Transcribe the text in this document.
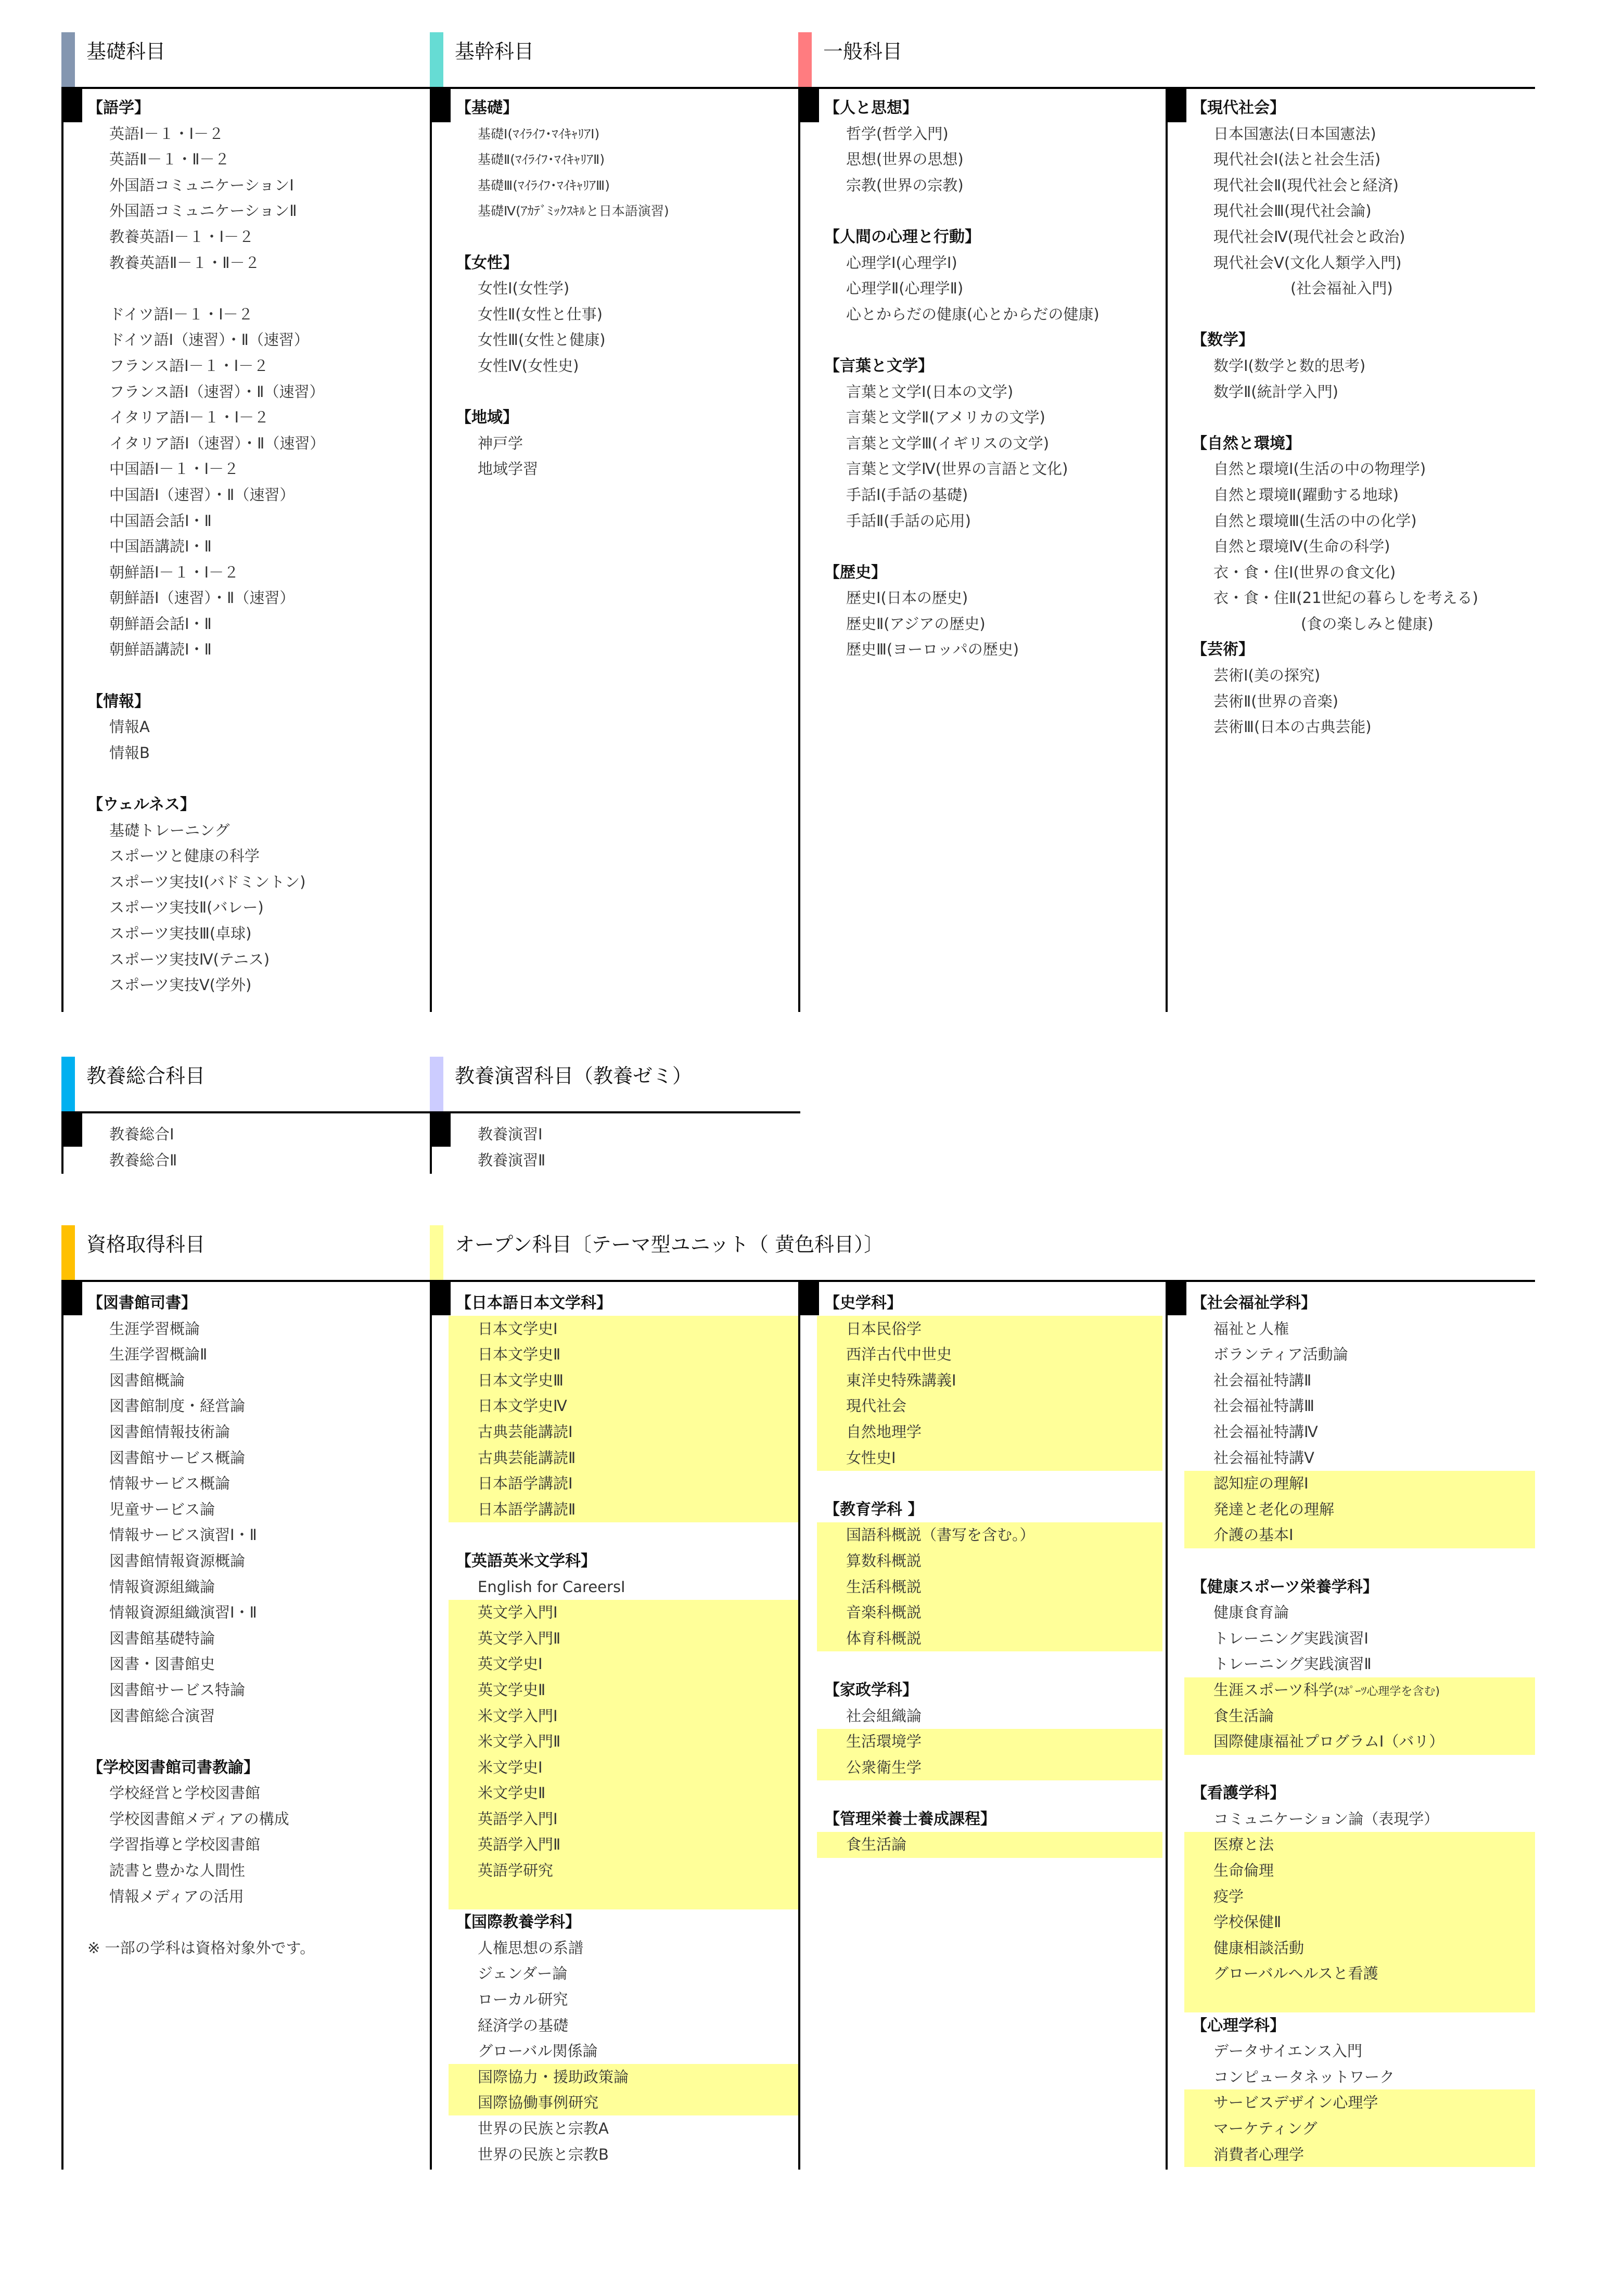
基礎科目	基幹科目	一般科目
【語学】
英語Ⅰ－１・Ⅰ－２
英語Ⅱ－１・Ⅱ－２
外国語コミュニケーションⅠ
外国語コミュニケーションⅡ
教養英語Ⅰ－１・Ⅰ－２
教養英語Ⅱ－１・Ⅱ－２
ドイツ語Ⅰ－１・Ⅰ－２
ドイツ語Ⅰ（速習）・Ⅱ（速習）
フランス語Ⅰ－１・Ⅰ－２
フランス語Ⅰ（速習）・Ⅱ（速習）
イタリア語Ⅰ－１・Ⅰ－２
イタリア語Ⅰ（速習）・Ⅱ（速習）
中国語Ⅰ－１・Ⅰ－２
中国語Ⅰ（速習）・Ⅱ（速習）
中国語会話Ⅰ・Ⅱ
中国語講読Ⅰ・Ⅱ
朝鮮語Ⅰ－１・Ⅰ－２
朝鮮語Ⅰ（速習）・Ⅱ（速習）
朝鮮語会話Ⅰ・Ⅱ
朝鮮語講読Ⅰ・Ⅱ
【情報】
情報A
情報B
【ウェルネス】
基礎トレーニング
スポーツと健康の科学
スポーツ実技Ⅰ(バドミントン)
スポーツ実技Ⅱ(バレー)
スポーツ実技Ⅲ(卓球)
スポーツ実技Ⅳ(テニス)
スポーツ実技Ⅴ(学外)
【基礎】
基礎Ⅰ(ﾏｲﾗｲﾌ･ﾏｲｷｬﾘｱⅠ)
基礎Ⅱ(ﾏｲﾗｲﾌ･ﾏｲｷｬﾘｱⅡ)
基礎Ⅲ(ﾏｲﾗｲﾌ･ﾏｲｷｬﾘｱⅢ)
基礎Ⅳ(ｱｶﾃﾞﾐｯｸｽｷﾙと日本語演習)
【女性】
女性Ⅰ(女性学)
女性Ⅱ(女性と仕事)
女性Ⅲ(女性と健康)
女性Ⅳ(女性史)
【地域】
神戸学
地域学習
【人と思想】
哲学(哲学入門)
思想(世界の思想)
宗教(世界の宗教)
【人間の心理と行動】
心理学Ⅰ(心理学Ⅰ)
心理学Ⅱ(心理学Ⅱ)
心とからだの健康(心とからだの健康)
【言葉と文学】
言葉と文学Ⅰ(日本の文学)
言葉と文学Ⅱ(アメリカの文学)
言葉と文学Ⅲ(イギリスの文学)
言葉と文学Ⅳ(世界の言語と文化)
手話Ⅰ(手話の基礎)
手話Ⅱ(手話の応用)
【歴史】
歴史Ⅰ(日本の歴史)
歴史Ⅱ(アジアの歴史)
歴史Ⅲ(ヨーロッパの歴史)
【現代社会】
日本国憲法(日本国憲法)
現代社会Ⅰ(法と社会生活)
現代社会Ⅱ(現代社会と経済)
現代社会Ⅲ(現代社会論)
現代社会Ⅳ(現代社会と政治)
現代社会Ⅴ(文化人類学入門)
(社会福祉入門)
【数学】
数学Ⅰ(数学と数的思考)
数学Ⅱ(統計学入門)
【自然と環境】
自然と環境Ⅰ(生活の中の物理学)
自然と環境Ⅱ(躍動する地球)
自然と環境Ⅲ(生活の中の化学)
自然と環境Ⅳ(生命の科学)
衣・食・住Ⅰ(世界の食文化)
衣・食・住Ⅱ(21世紀の暮らしを考える)
(食の楽しみと健康)
【芸術】
芸術Ⅰ(美の探究)
芸術Ⅱ(世界の音楽)
芸術Ⅲ(日本の古典芸能)
教養総合科目	教養演習科目（教養ゼミ）
教養総合Ⅰ
教養総合Ⅱ
教養演習Ⅰ
教養演習Ⅱ
資格取得科目	オープン科目〔テーマ型ユニット（ 黄色科目）〕
【図書館司書】
生涯学習概論
生涯学習概論Ⅱ
図書館概論
図書館制度・経営論
図書館情報技術論
図書館サービス概論
情報サービス概論
児童サービス論
情報サービス演習Ⅰ・Ⅱ
図書館情報資源概論
情報資源組織論
情報資源組織演習Ⅰ・Ⅱ
図書館基礎特論
図書・図書館史
図書館サービス特論
図書館総合演習
【学校図書館司書教諭】
学校経営と学校図書館
学校図書館メディアの構成
学習指導と学校図書館
読書と豊かな人間性
情報メディアの活用
※ 一部の学科は資格対象外です。
【日本語日本文学科】
日本文学史Ⅰ
日本文学史Ⅱ
日本文学史Ⅲ
日本文学史Ⅳ
古典芸能講読Ⅰ
古典芸能講読Ⅱ
日本語学講読Ⅰ
日本語学講読Ⅱ
【英語英米文学科】
English for CareersⅠ
英文学入門Ⅰ
英文学入門Ⅱ
英文学史Ⅰ
英文学史Ⅱ
米文学入門Ⅰ
米文学入門Ⅱ
米文学史Ⅰ
米文学史Ⅱ
英語学入門Ⅰ
英語学入門Ⅱ
英語学研究
【国際教養学科】
人権思想の系譜
ジェンダー論
ローカル研究
経済学の基礎
グローバル関係論
国際協力・援助政策論
国際協働事例研究
世界の民族と宗教A
世界の民族と宗教B
【史学科】
日本民俗学
西洋古代中世史
東洋史特殊講義Ⅰ
現代社会
自然地理学
女性史Ⅰ
【教育学科 】
国語科概説（書写を含む。）
算数科概説
生活科概説
音楽科概説
体育科概説
【家政学科】
社会組織論
生活環境学
公衆衛生学
【管理栄養士養成課程】
食生活論
【社会福祉学科】
福祉と人権
ボランティア活動論
社会福祉特講Ⅱ
社会福祉特講Ⅲ
社会福祉特講Ⅳ
社会福祉特講Ⅴ
認知症の理解Ⅰ
発達と老化の理解
介護の基本Ⅰ
【健康スポーツ栄養学科】
健康食育論
トレーニング実践演習Ⅰ
トレーニング実践演習Ⅱ
生涯スポーツ科学(ｽﾎﾟｰﾂ心理学を含む)
食生活論
国際健康福祉プログラムⅠ（バリ）
【看護学科】
コミュニケーション論（表現学）
医療と法
生命倫理
疫学
学校保健Ⅱ
健康相談活動
グローバルヘルスと看護
【心理学科】
データサイエンス入門
コンピュータネットワーク
サービスデザイン心理学
マーケティング
消費者心理学
